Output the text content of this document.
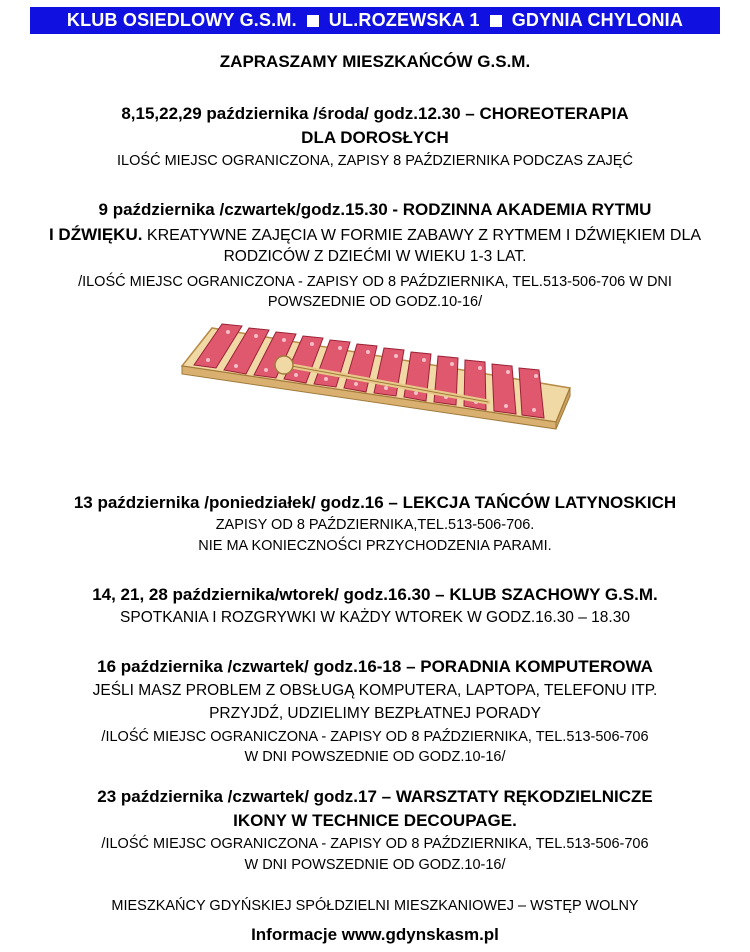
KLUB OSIEDLOWY G.S.M. UL.ROZEWSKA 1 GDYNIA CHYLONIA
ZAPRASZAMY MIESZKAŃCÓW G.S.M.
8,15,22,29 października /środa/ godz.12.30 – CHOREOTERAPIA
DLA DOROSŁYCH
ILOŚĆ MIEJSC OGRANICZONA, ZAPISY 8 PAŹDZIERNIKA PODCZAS ZAJĘĆ
9 października /czwartek/godz.15.30 - RODZINNA AKADEMIA RYTMU
I DŹWIĘKU. KREATYWNE ZAJĘCIA W FORMIE ZABAWY Z RYTMEM I DŹWIĘKIEM DLA
RODZICÓW Z DZIEĆMI W WIEKU 1-3 LAT.
/ILOŚĆ MIEJSC OGRANICZONA - ZAPISY OD 8 PAŹDZIERNIKA, TEL.513-506-706 W DNI
POWSZEDNIE OD GODZ.10-16/
13 października /poniedziałek/ godz.16 – LEKCJA TAŃCÓW LATYNOSKICH
ZAPISY OD 8 PAŹDZIERNIKA,TEL.513-506-706.
NIE MA KONIECZNOŚCI PRZYCHODZENIA PARAMI.
14, 21, 28 października/wtorek/ godz.16.30 – KLUB SZACHOWY G.S.M.
SPOTKANIA I ROZGRYWKI W KAŻDY WTOREK W GODZ.16.30 – 18.30
16 października /czwartek/ godz.16-18 – PORADNIA KOMPUTEROWA
JEŚLI MASZ PROBLEM Z OBSŁUGĄ KOMPUTERA, LAPTOPA, TELEFONU ITP.
PRZYJDŹ, UDZIELIMY BEZPŁATNEJ PORADY
/ILOŚĆ MIEJSC OGRANICZONA - ZAPISY OD 8 PAŹDZIERNIKA, TEL.513-506-706
W DNI POWSZEDNIE OD GODZ.10-16/
23 października /czwartek/ godz.17 – WARSZTATY RĘKODZIELNICZE
IKONY W TECHNICE DECOUPAGE.
/ILOŚĆ MIEJSC OGRANICZONA - ZAPISY OD 8 PAŹDZIERNIKA, TEL.513-506-706
W DNI POWSZEDNIE OD GODZ.10-16/
MIESZKAŃCY GDYŃSKIEJ SPÓŁDZIELNI MIESZKANIOWEJ – WSTĘP WOLNY
Informacje www.gdynskasm.pl
